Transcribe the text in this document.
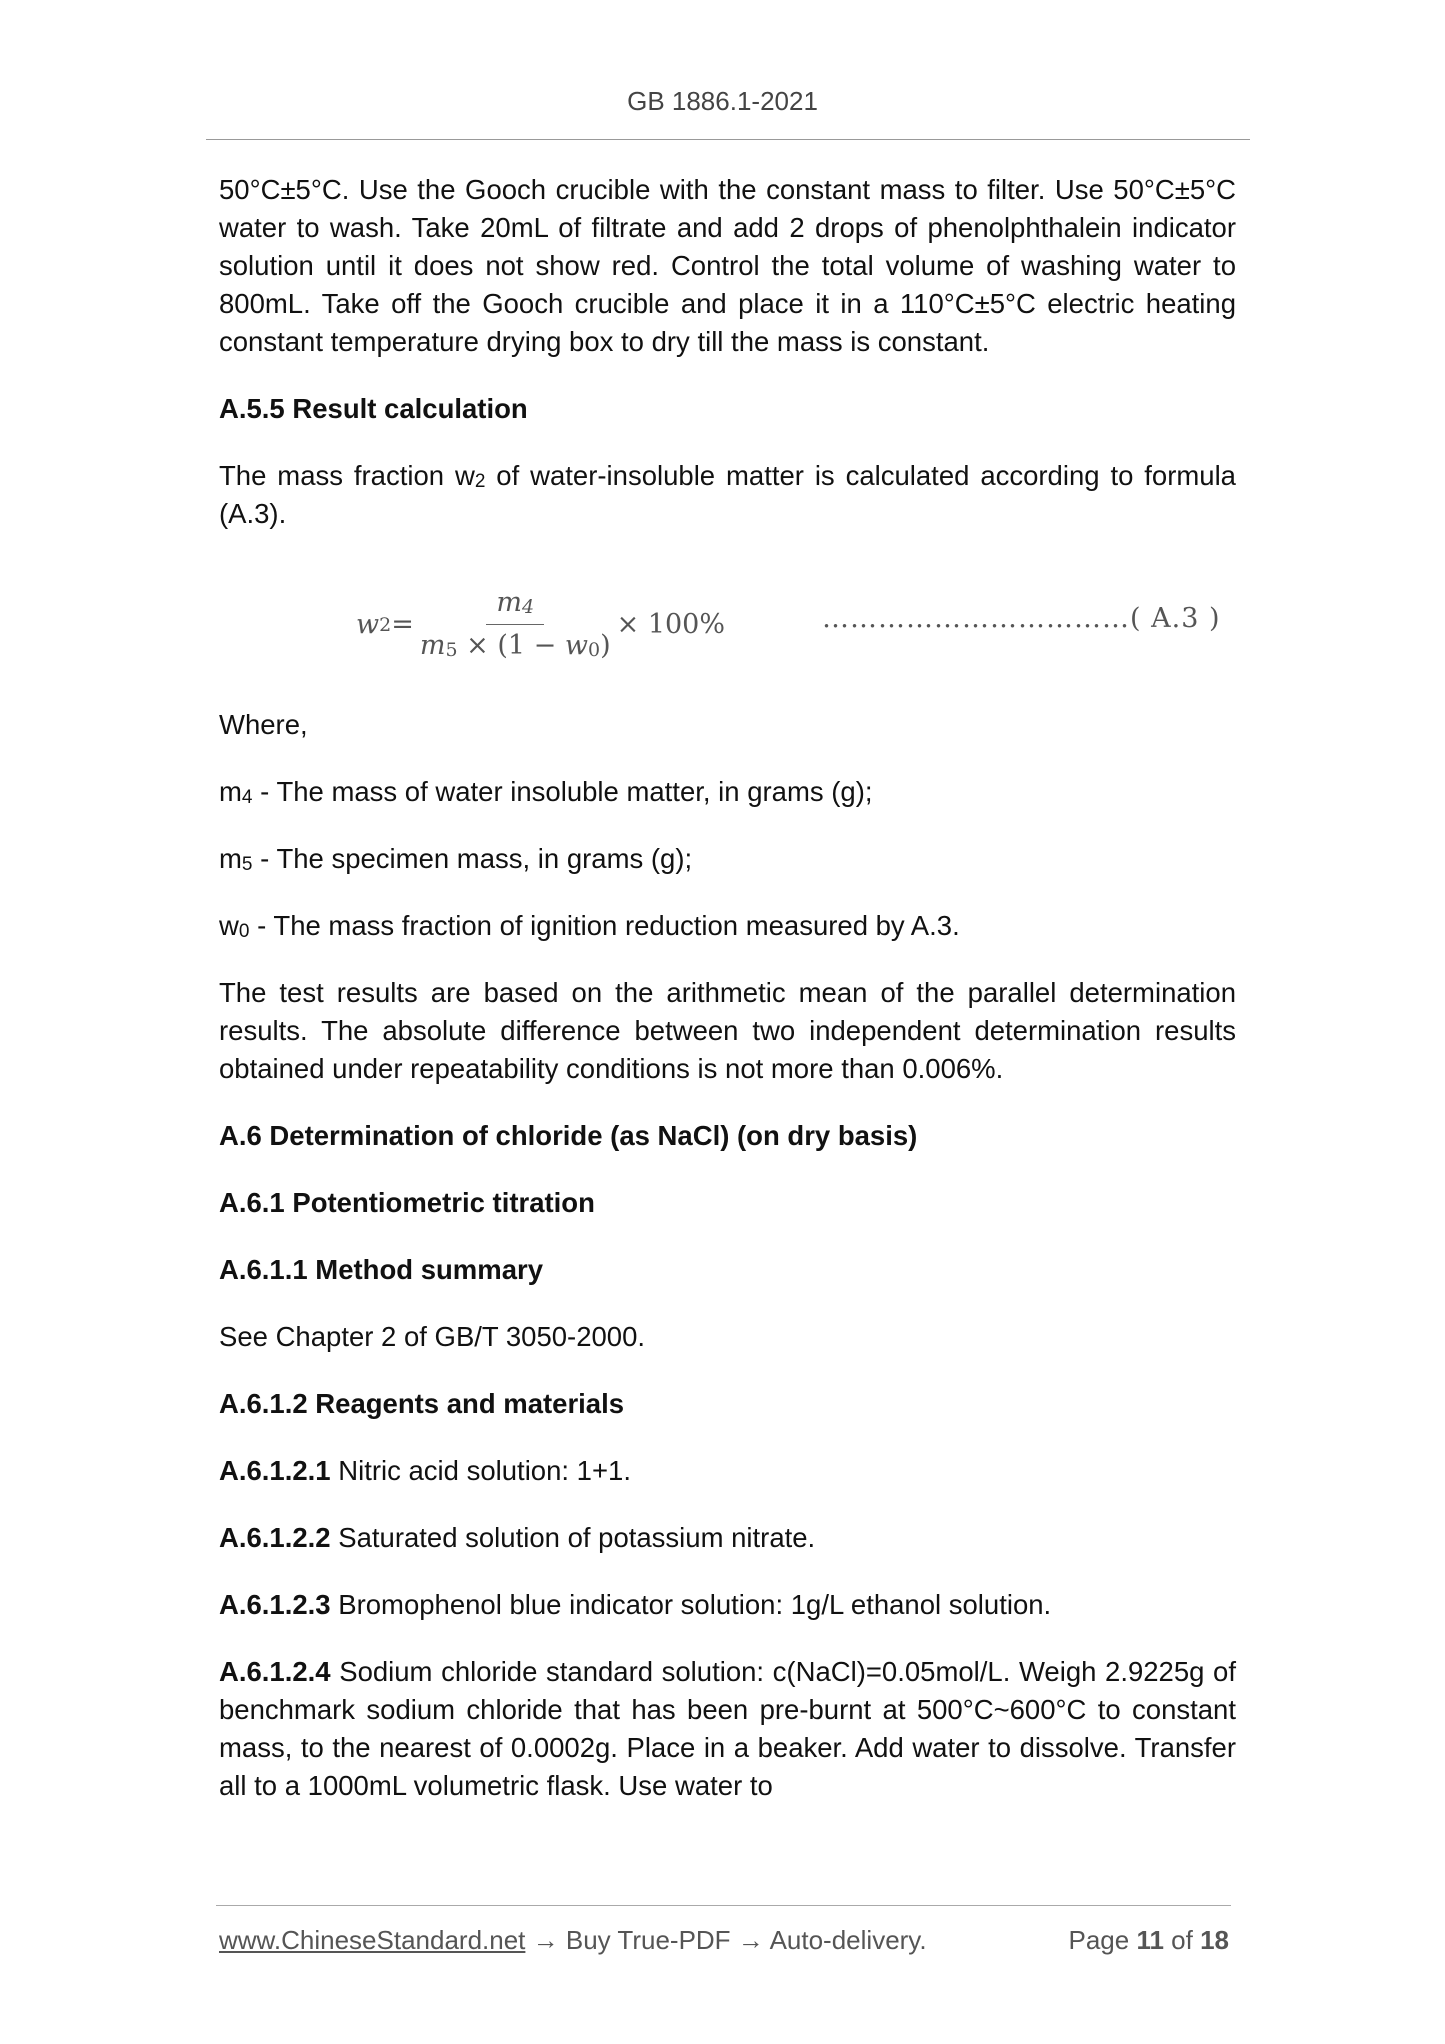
GB 1886.1-2021

50°C±5°C. Use the Gooch crucible with the constant mass to filter. Use 50°C±5°C water to wash. Take 20mL of filtrate and add 2 drops of phenolphthalein indicator solution until it does not show red. Control the total volume of washing water to 800mL. Take off the Gooch crucible and place it in a 110°C±5°C electric heating constant temperature drying box to dry till the mass is constant.

A.5.5 Result calculation

The mass fraction $w_2$ of water-insoluble matter is calculated according to formula (A.3).

w $2 = \frac{m_4}{m_5 \times (1 - w_0)} \times 100\%$	……………………………( A.3 )

Where,

$m_4$ - The mass of water insoluble matter, in grams (g);

$m_5$ - The specimen mass, in grams (g);

$w_0$ - The mass fraction of ignition reduction measured by A.3.

The test results are based on the arithmetic mean of the parallel determination results. The absolute difference between two independent determination results obtained under repeatability conditions is not more than 0.006%.

A.6 Determination of chloride (as NaCl) (on dry basis)

A.6.1 Potentiometric titration

A.6.1.1 Method summary

See Chapter 2 of GB/T 3050-2000.

A.6.1.2 Reagents and materials

A.6.1.2.1 Nitric acid solution: 1+1.

A.6.1.2.2 Saturated solution of potassium nitrate.

A.6.1.2.3 Bromophenol blue indicator solution: 1g/L ethanol solution.

A.6.1.2.4 Sodium chloride standard solution: c(NaCl)=0.05mol/L. Weigh 2.9225g of benchmark sodium chloride that has been pre-burnt at 500°C~600°C to constant mass, to the nearest of 0.0002g. Place in a beaker. Add water to dissolve. Transfer all to a 1000mL volumetric flask. Use water to

www.ChineseStandard.net → Buy True-PDF → Auto-delivery.	Page 11 of 18
